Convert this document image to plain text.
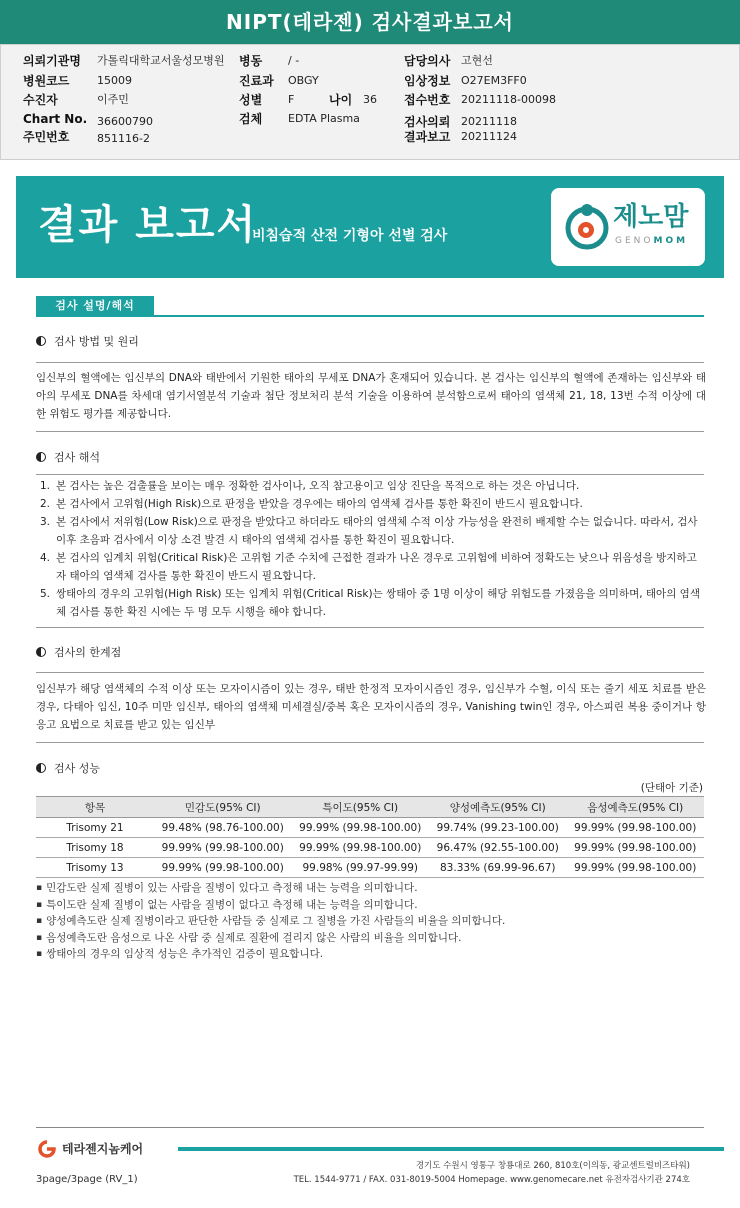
NIPT(테라젠) 검사결과보고서
의뢰기관명 가톨릭대학교서울성모병원 병동 / -	담당의사 고현선
병원코드	15009	진료과 OBGY	임상정보 O27EM3FF0
수진자	이주민	성별 F	나이 36 접수번호 20211118-00098
Chart No. 36600790	검체 EDTA Plasma	검사의뢰 20211118
주민번호	851116-2	결과보고 20211124
결과 보고서
비침습적 산전 기형아 선별 검사
제노맘
GENOMOM
검사 설명/해석
검사 방법 및 원리
임신부의 혈액에는 임신부의 DNA와 태반에서 기원한 태아의 무세포 DNA가 혼재되어 있습니다. 본 검사는 임신부의 혈액에 존재하는 임신부와 태아의 무세포 DNA를 차세대 염기서열분석 기술과 첨단 정보처리 분석 기술을 이용하여 분석함으로써 태아의 염색체 21, 18, 13번 수적 이상에 대한 위험도 평가를 제공합니다.
검사 해석
1. 본 검사는 높은 검출률을 보이는 매우 정확한 검사이나, 오직 참고용이고 임상 진단을 목적으로 하는 것은 아닙니다.
2. 본 검사에서 고위험(High Risk)으로 판정을 받았을 경우에는 태아의 염색체 검사를 통한 확진이 반드시 필요합니다.
3. 본 검사에서 저위험(Low Risk)으로 판정을 받았다고 하더라도 태아의 염색체 수적 이상 가능성을 완전히 배제할 수는 없습니다. 따라서, 검사 이후 초음파 검사에서 이상 소견 발견 시 태아의 염색체 검사를 통한 확진이 필요합니다.
4. 본 검사의 임계치 위험(Critical Risk)은 고위험 기준 수치에 근접한 결과가 나온 경우로 고위험에 비하여 정확도는 낮으나 위음성을 방지하고자 태아의 염색체 검사를 통한 확진이 반드시 필요합니다.
5. 쌍태아의 경우의 고위험(High Risk) 또는 임계치 위험(Critical Risk)는 쌍태아 중 1명 이상이 해당 위험도를 가졌음을 의미하며, 태아의 염색체 검사를 통한 확진 시에는 두 명 모두 시행을 해야 합니다.
검사의 한계점
임신부가 해당 염색체의 수적 이상 또는 모자이시즘이 있는 경우, 태반 한정적 모자이시즘인 경우, 임신부가 수혈, 이식 또는 줄기 세포 치료를 받은 경우, 다태아 임신, 10주 미만 임신부, 태아의 염색체 미세결실/중복 혹은 모자이시즘의 경우, Vanishing twin인 경우, 아스피린 복용 중이거나 항 응고 요법으로 치료를 받고 있는 임신부
검사 성능
(단태아 기준)
항목	민감도(95% CI)	특이도(95% CI)	양성예측도(95% CI)	음성예측도(95% CI)
Trisomy 21	99.48% (98.76-100.00)	99.99% (99.98-100.00)	99.74% (99.23-100.00)	99.99% (99.98-100.00)
Trisomy 18	99.99% (99.98-100.00)	99.99% (99.98-100.00)	96.47% (92.55-100.00)	99.99% (99.98-100.00)
Trisomy 13	99.99% (99.98-100.00)	99.98% (99.97-99.99)	83.33% (69.99-96.67)	99.99% (99.98-100.00)
▪ 민감도란 실제 질병이 있는 사람을 질병이 있다고 측정해 내는 능력을 의미합니다.
▪ 특이도란 실제 질병이 없는 사람을 질병이 없다고 측정해 내는 능력을 의미합니다.
▪ 양성예측도란 실제 질병이라고 판단한 사람들 중 실제로 그 질병을 가진 사람들의 비율을 의미합니다.
▪ 음성예측도란 음성으로 나온 사람 중 실제로 질환에 걸리지 않은 사람의 비율을 의미합니다.
▪ 쌍태아의 경우의 임상적 성능은 추가적인 검증이 필요합니다.
테라젠지놈케어
3page/3page (RV_1)
경기도 수원시 영통구 창룡대로 260, 810호(이의동, 광교센트럴비즈타워)
TEL. 1544-9771 / FAX. 031-8019-5004 Homepage. www.genomecare.net 유전자검사기관 274호
